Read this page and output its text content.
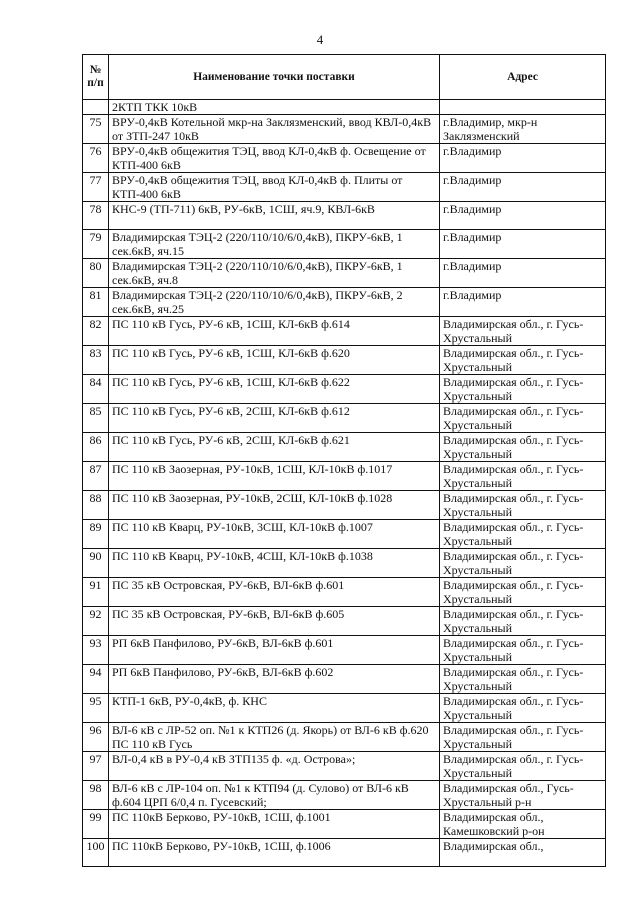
4
№
п/п	Наименование точки поставки	Адрес
	2КТП ТКК 10кВ	
75	ВРУ-0,4кВ Котельной мкр-на Заклязменский, ввод КВЛ-0,4кВ от ЗТП-247 10кВ	г.Владимир, мкр-н Заклязменский
76	ВРУ-0,4кВ общежития ТЭЦ, ввод КЛ-0,4кВ ф. Освещение от КТП-400 6кВ	г.Владимир
77	ВРУ-0,4кВ общежития ТЭЦ, ввод КЛ-0,4кВ ф. Плиты от КТП-400 6кВ	г.Владимир
78	КНС-9 (ТП-711) 6кВ, РУ-6кВ, 1СШ, яч.9, КВЛ-6кВ	г.Владимир
79	Владимирская ТЭЦ-2 (220/110/10/6/0,4кВ), ПКРУ-6кВ, 1 сек.6кВ, яч.15	г.Владимир
80	Владимирская ТЭЦ-2 (220/110/10/6/0,4кВ), ПКРУ-6кВ, 1 сек.6кВ, яч.8	г.Владимир
81	Владимирская ТЭЦ-2 (220/110/10/6/0,4кВ), ПКРУ-6кВ, 2 сек.6кВ, яч.25	г.Владимир
82	ПС 110 кВ Гусь, РУ-6 кВ, 1СШ, КЛ-6кВ ф.614	Владимирская обл., г. Гусь-Хрустальный
83	ПС 110 кВ Гусь, РУ-6 кВ, 1СШ, КЛ-6кВ ф.620	Владимирская обл., г. Гусь-Хрустальный
84	ПС 110 кВ Гусь, РУ-6 кВ, 1СШ, КЛ-6кВ ф.622	Владимирская обл., г. Гусь-Хрустальный
85	ПС 110 кВ Гусь, РУ-6 кВ, 2СШ, КЛ-6кВ ф.612	Владимирская обл., г. Гусь-Хрустальный
86	ПС 110 кВ Гусь, РУ-6 кВ, 2СШ, КЛ-6кВ ф.621	Владимирская обл., г. Гусь-Хрустальный
87	ПС 110 кВ Заозерная, РУ-10кВ, 1СШ, КЛ-10кВ ф.1017	Владимирская обл., г. Гусь-Хрустальный
88	ПС 110 кВ Заозерная, РУ-10кВ, 2СШ, КЛ-10кВ ф.1028	Владимирская обл., г. Гусь-Хрустальный
89	ПС 110 кВ Кварц, РУ-10кВ, 3СШ, КЛ-10кВ ф.1007	Владимирская обл., г. Гусь-Хрустальный
90	ПС 110 кВ Кварц, РУ-10кВ, 4СШ, КЛ-10кВ ф.1038	Владимирская обл., г. Гусь-Хрустальный
91	ПС 35 кВ Островская, РУ-6кВ, ВЛ-6кВ ф.601	Владимирская обл., г. Гусь-Хрустальный
92	ПС 35 кВ Островская, РУ-6кВ, ВЛ-6кВ ф.605	Владимирская обл., г. Гусь-Хрустальный
93	РП 6кВ Панфилово, РУ-6кВ, ВЛ-6кВ ф.601	Владимирская обл., г. Гусь-Хрустальный
94	РП 6кВ Панфилово, РУ-6кВ, ВЛ-6кВ ф.602	Владимирская обл., г. Гусь-Хрустальный
95	КТП-1 6кВ, РУ-0,4кВ, ф. КНС	Владимирская обл., г. Гусь-Хрустальный
96	ВЛ-6 кВ с ЛР-52 оп. №1 к КТП26 (д. Якорь) от ВЛ-6 кВ ф.620 ПС 110 кВ Гусь	Владимирская обл., г. Гусь-Хрустальный
97	ВЛ-0,4 кВ в РУ-0,4 кВ ЗТП135 ф. «д. Острова»;	Владимирская обл., г. Гусь-Хрустальный
98	ВЛ-6 кВ с ЛР-104 оп. №1 к КТП94 (д. Сулово) от ВЛ-6 кВ ф.604 ЦРП 6/0,4 п. Гусевский;	Владимирская обл., Гусь-Хрустальный р-н
99	ПС 110кВ Берково, РУ-10кВ, 1СШ, ф.1001	Владимирская обл., Камешковский р-он
100	ПС 110кВ Берково, РУ-10кВ, 1СШ, ф.1006	Владимирская обл.,
